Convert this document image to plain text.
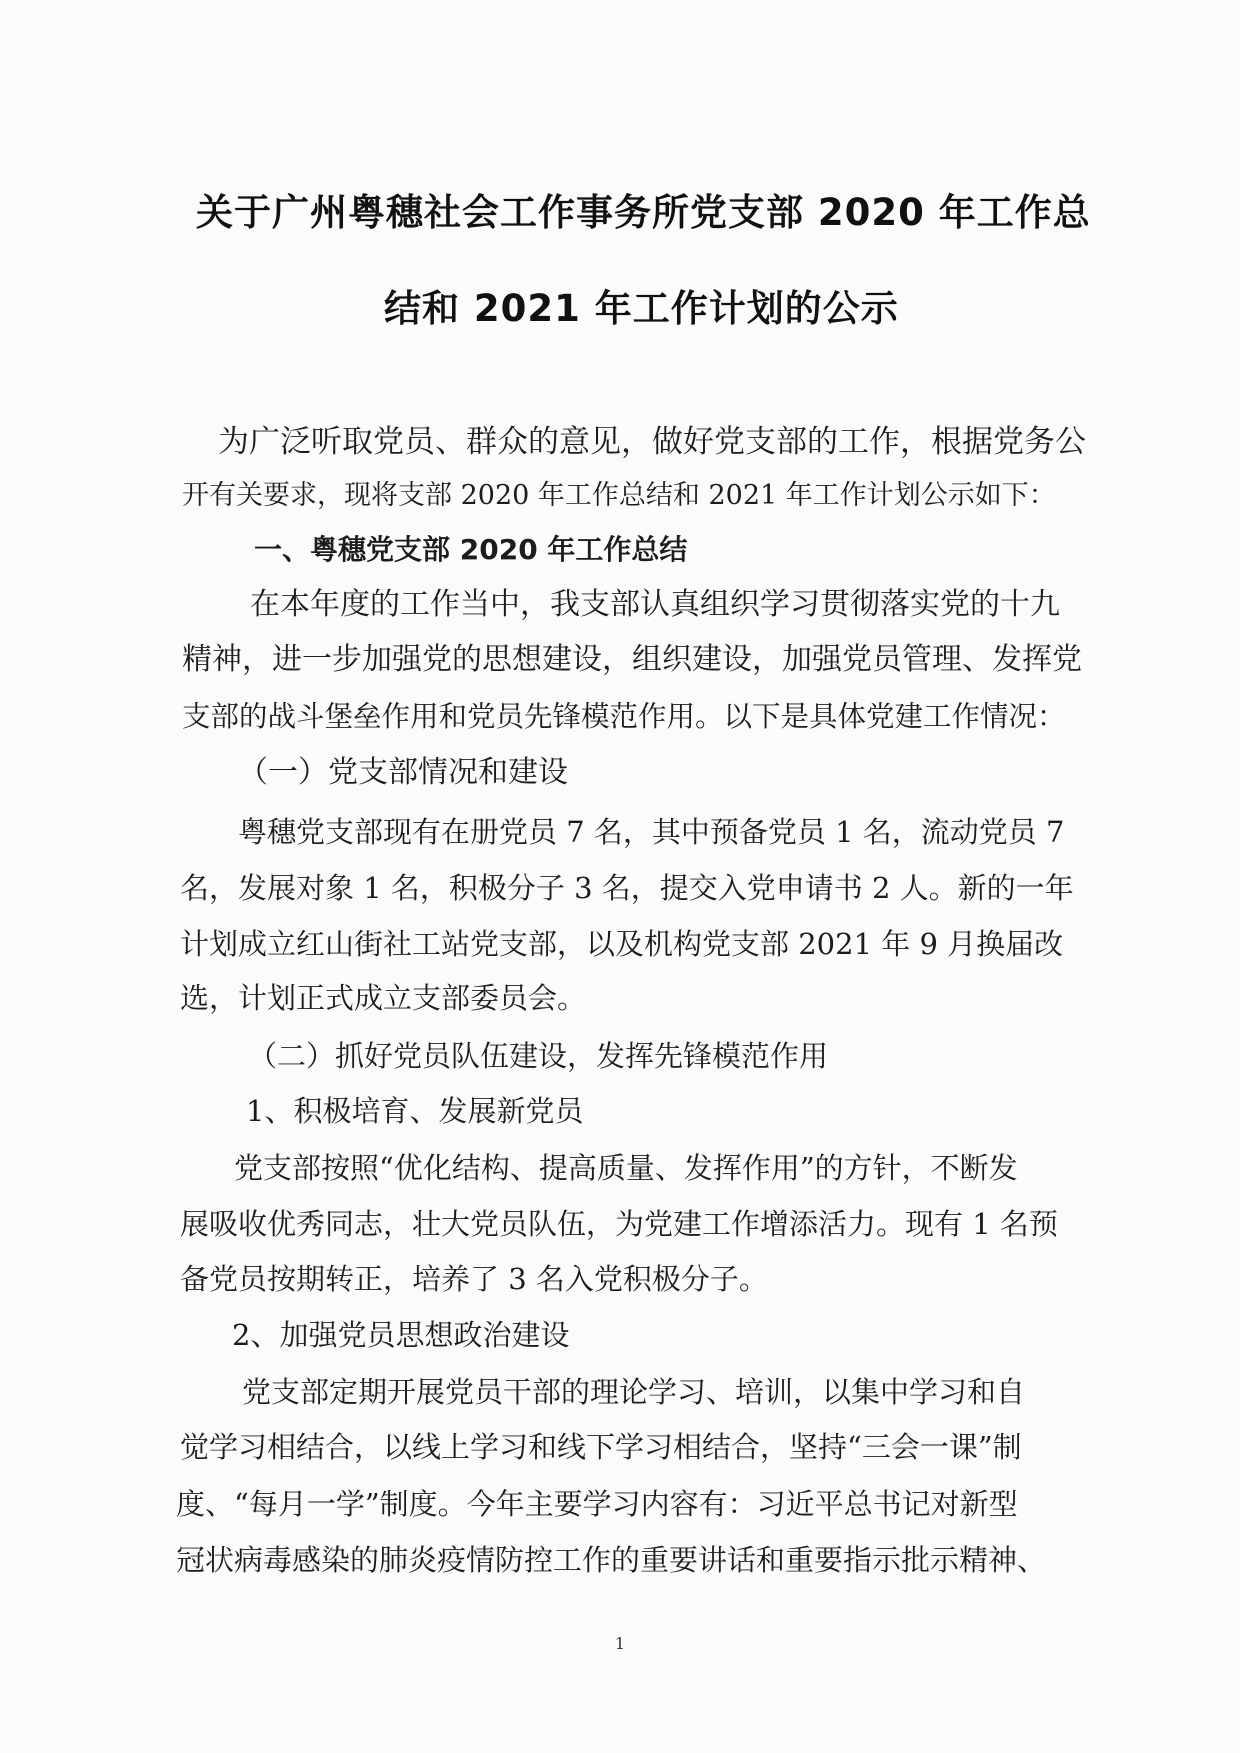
关于广州粤穗社会工作事务所党支部 2020 年工作总
结和 2021 年工作计划的公示
为广泛听取党员、群众的意见，做好党支部的工作，根据党务公
开有关要求，现将支部 2020 年工作总结和 2021 年工作计划公示如下：
一、粤穗党支部 2020 年工作总结
在本年度的工作当中，我支部认真组织学习贯彻落实党的十九
精神，进一步加强党的思想建设，组织建设，加强党员管理、发挥党
支部的战斗堡垒作用和党员先锋模范作用。以下是具体党建工作情况：
（一）党支部情况和建设
粤穗党支部现有在册党员 7 名，其中预备党员 1 名，流动党员 7
名，发展对象 1 名，积极分子 3 名，提交入党申请书 2 人。新的一年
计划成立红山街社工站党支部，以及机构党支部 2021 年 9 月换届改
选，计划正式成立支部委员会。
（二）抓好党员队伍建设，发挥先锋模范作用
1、积极培育、发展新党员
党支部按照“优化结构、提高质量、发挥作用”的方针，不断发
展吸收优秀同志，壮大党员队伍，为党建工作增添活力。现有 1 名预
备党员按期转正，培养了 3 名入党积极分子。
2、加强党员思想政治建设
党支部定期开展党员干部的理论学习、培训，以集中学习和自
觉学习相结合，以线上学习和线下学习相结合，坚持“三会一课”制
度、“每月一学”制度。今年主要学习内容有：习近平总书记对新型
冠状病毒感染的肺炎疫情防控工作的重要讲话和重要指示批示精神、
1
